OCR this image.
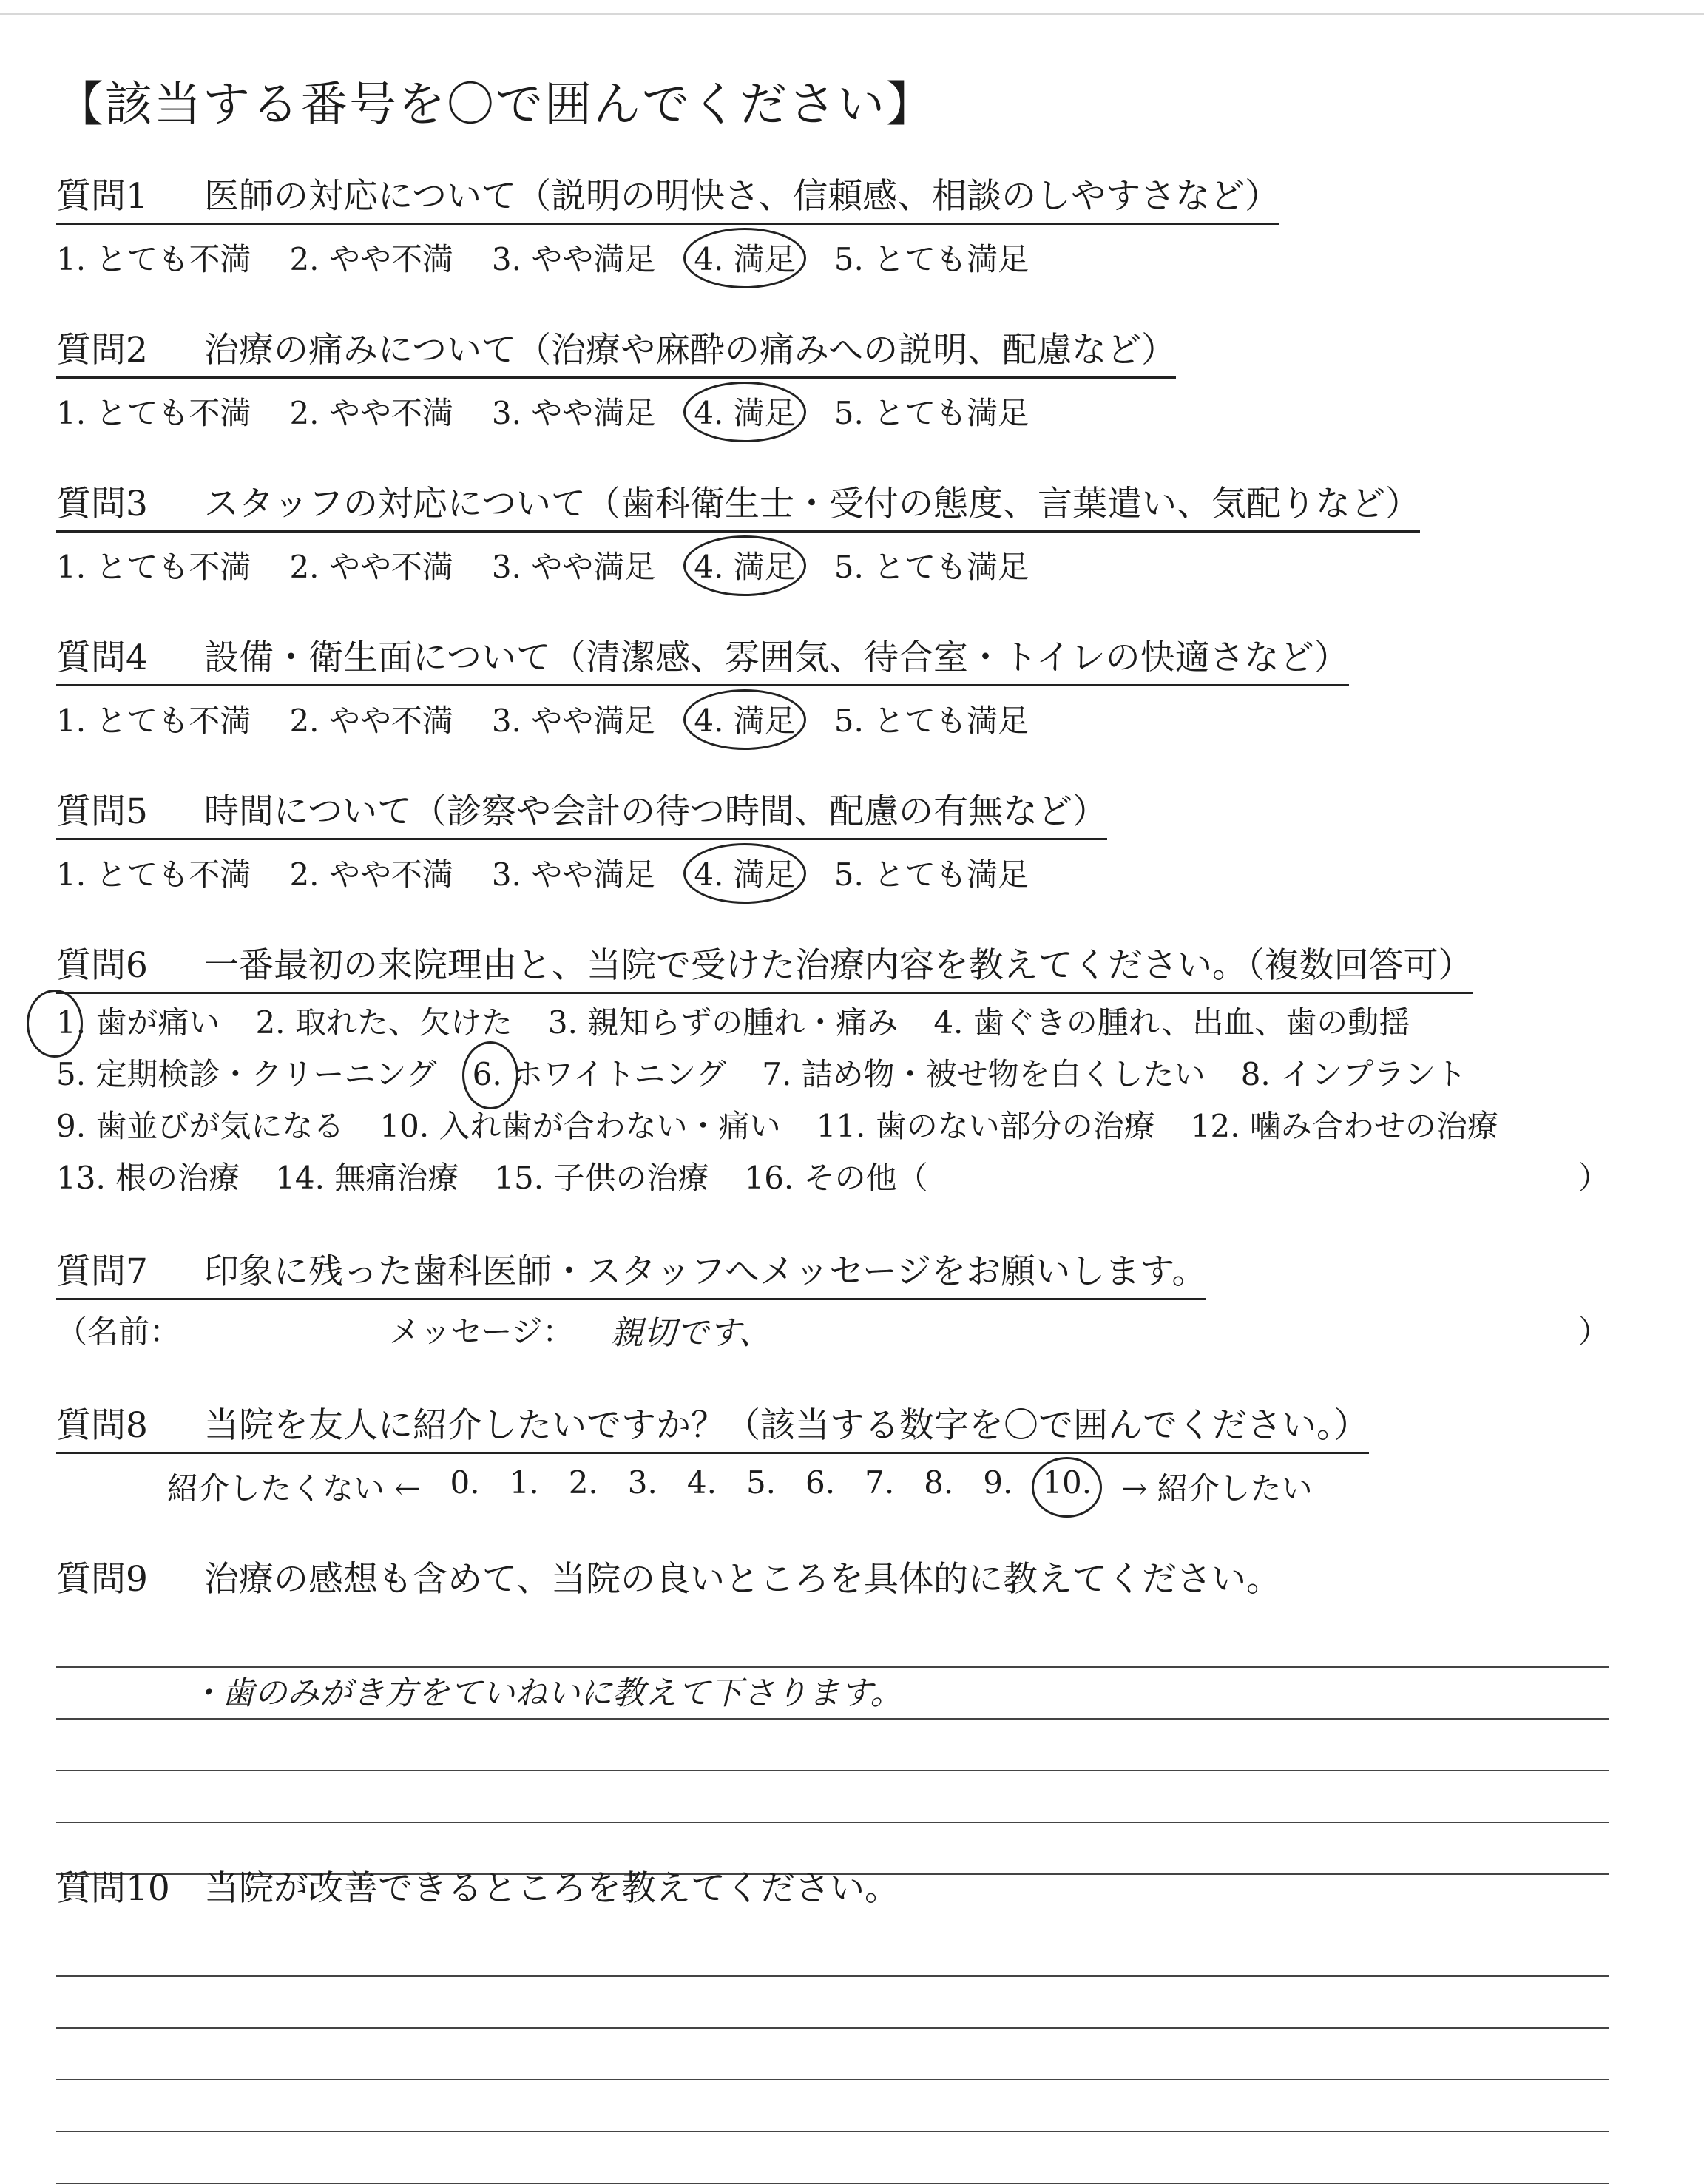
【該当する番号を〇で囲んでください】
質問1 医師の対応について（説明の明快さ、信頼感、相談のしやすさなど）
1. とても不満 2. やや不満 3. やや満足 4. 満足 5. とても満足
質問2 治療の痛みについて（治療や麻酔の痛みへの説明、配慮など）
1. とても不満 2. やや不満 3. やや満足 4. 満足 5. とても満足
質問3 スタッフの対応について（歯科衛生士・受付の態度、言葉遣い、気配りなど）
1. とても不満 2. やや不満 3. やや満足 4. 満足 5. とても満足
質問4 設備・衛生面について（清潔感、雰囲気、待合室・トイレの快適さなど）
1. とても不満 2. やや不満 3. やや満足 4. 満足 5. とても満足
質問5 時間について（診察や会計の待つ時間、配慮の有無など）
1. とても不満 2. やや不満 3. やや満足 4. 満足 5. とても満足
質問6 一番最初の来院理由と、当院で受けた治療内容を教えてください。（複数回答可）
1. 歯が痛い 2. 取れた、欠けた 3. 親知らずの腫れ・痛み 4. 歯ぐきの腫れ、出血、歯の動揺
5. 定期検診・クリーニング 6. ホワイトニング 7. 詰め物・被せ物を白くしたい 8. インプラント
9. 歯並びが気になる 10. 入れ歯が合わない・痛い 11. 歯のない部分の治療 12. 噛み合わせの治療
13. 根の治療 14. 無痛治療 15. 子供の治療 16. その他（	）
質問7 印象に残った歯科医師・スタッフへメッセージをお願いします。
（名前：	メッセージ： 親切です、	）
質問8 当院を友人に紹介したいですか？（該当する数字を〇で囲んでください。）
紹介したくない ← 0. 1. 2. 3. 4. 5. 6. 7. 8. 9. 10. → 紹介したい
質問9 治療の感想も含めて、当院の良いところを具体的に教えてください。
・歯のみがき方をていねいに教えて下さります。
質問10 当院が改善できるところを教えてください。
